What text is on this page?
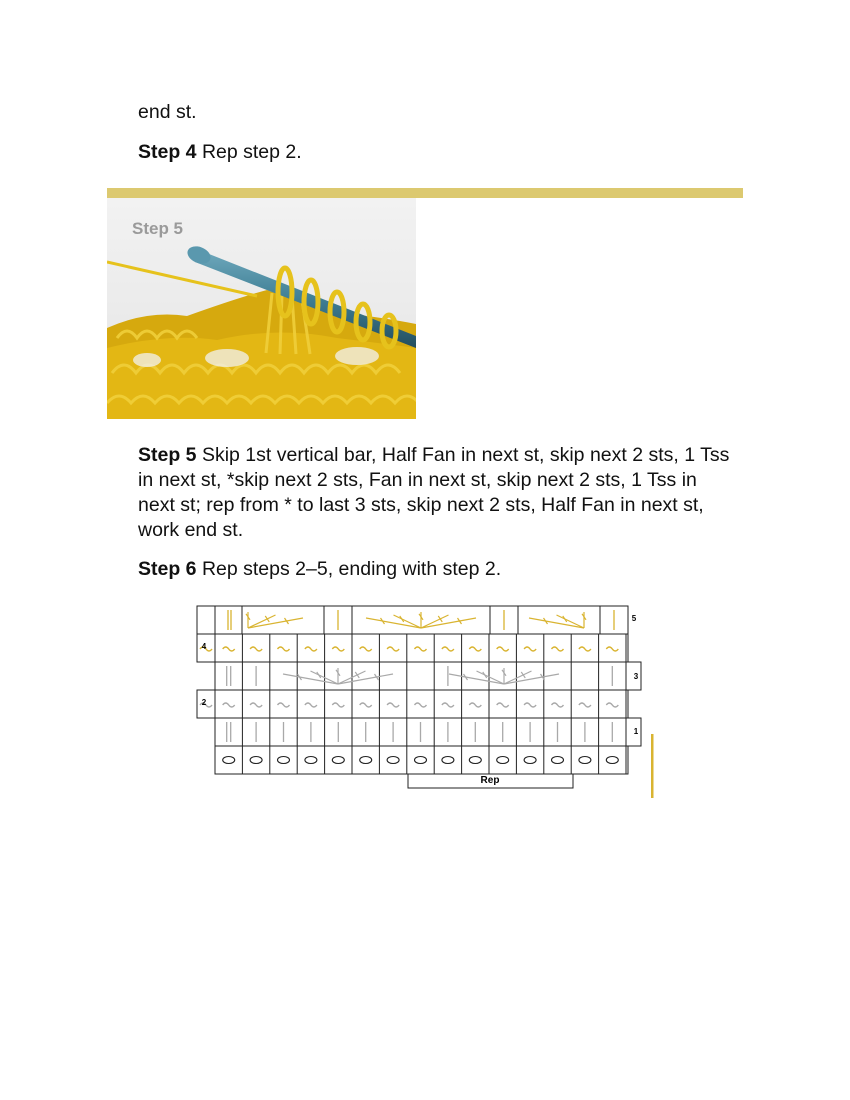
end st.

Step 4 Rep step 2.

Step 5

Step 5 Skip 1st vertical bar, Half Fan in next st, skip next 2 sts, 1 Tss in next st, *skip next 2 sts, Fan in next st, skip next 2 sts, 1 Tss in next st; rep from * to last 3 sts, skip next 2 sts, Half Fan in next st, work end st.

Step 6 Rep steps 2–5, ending with step 2.

5
4
3
2
1
Rep
